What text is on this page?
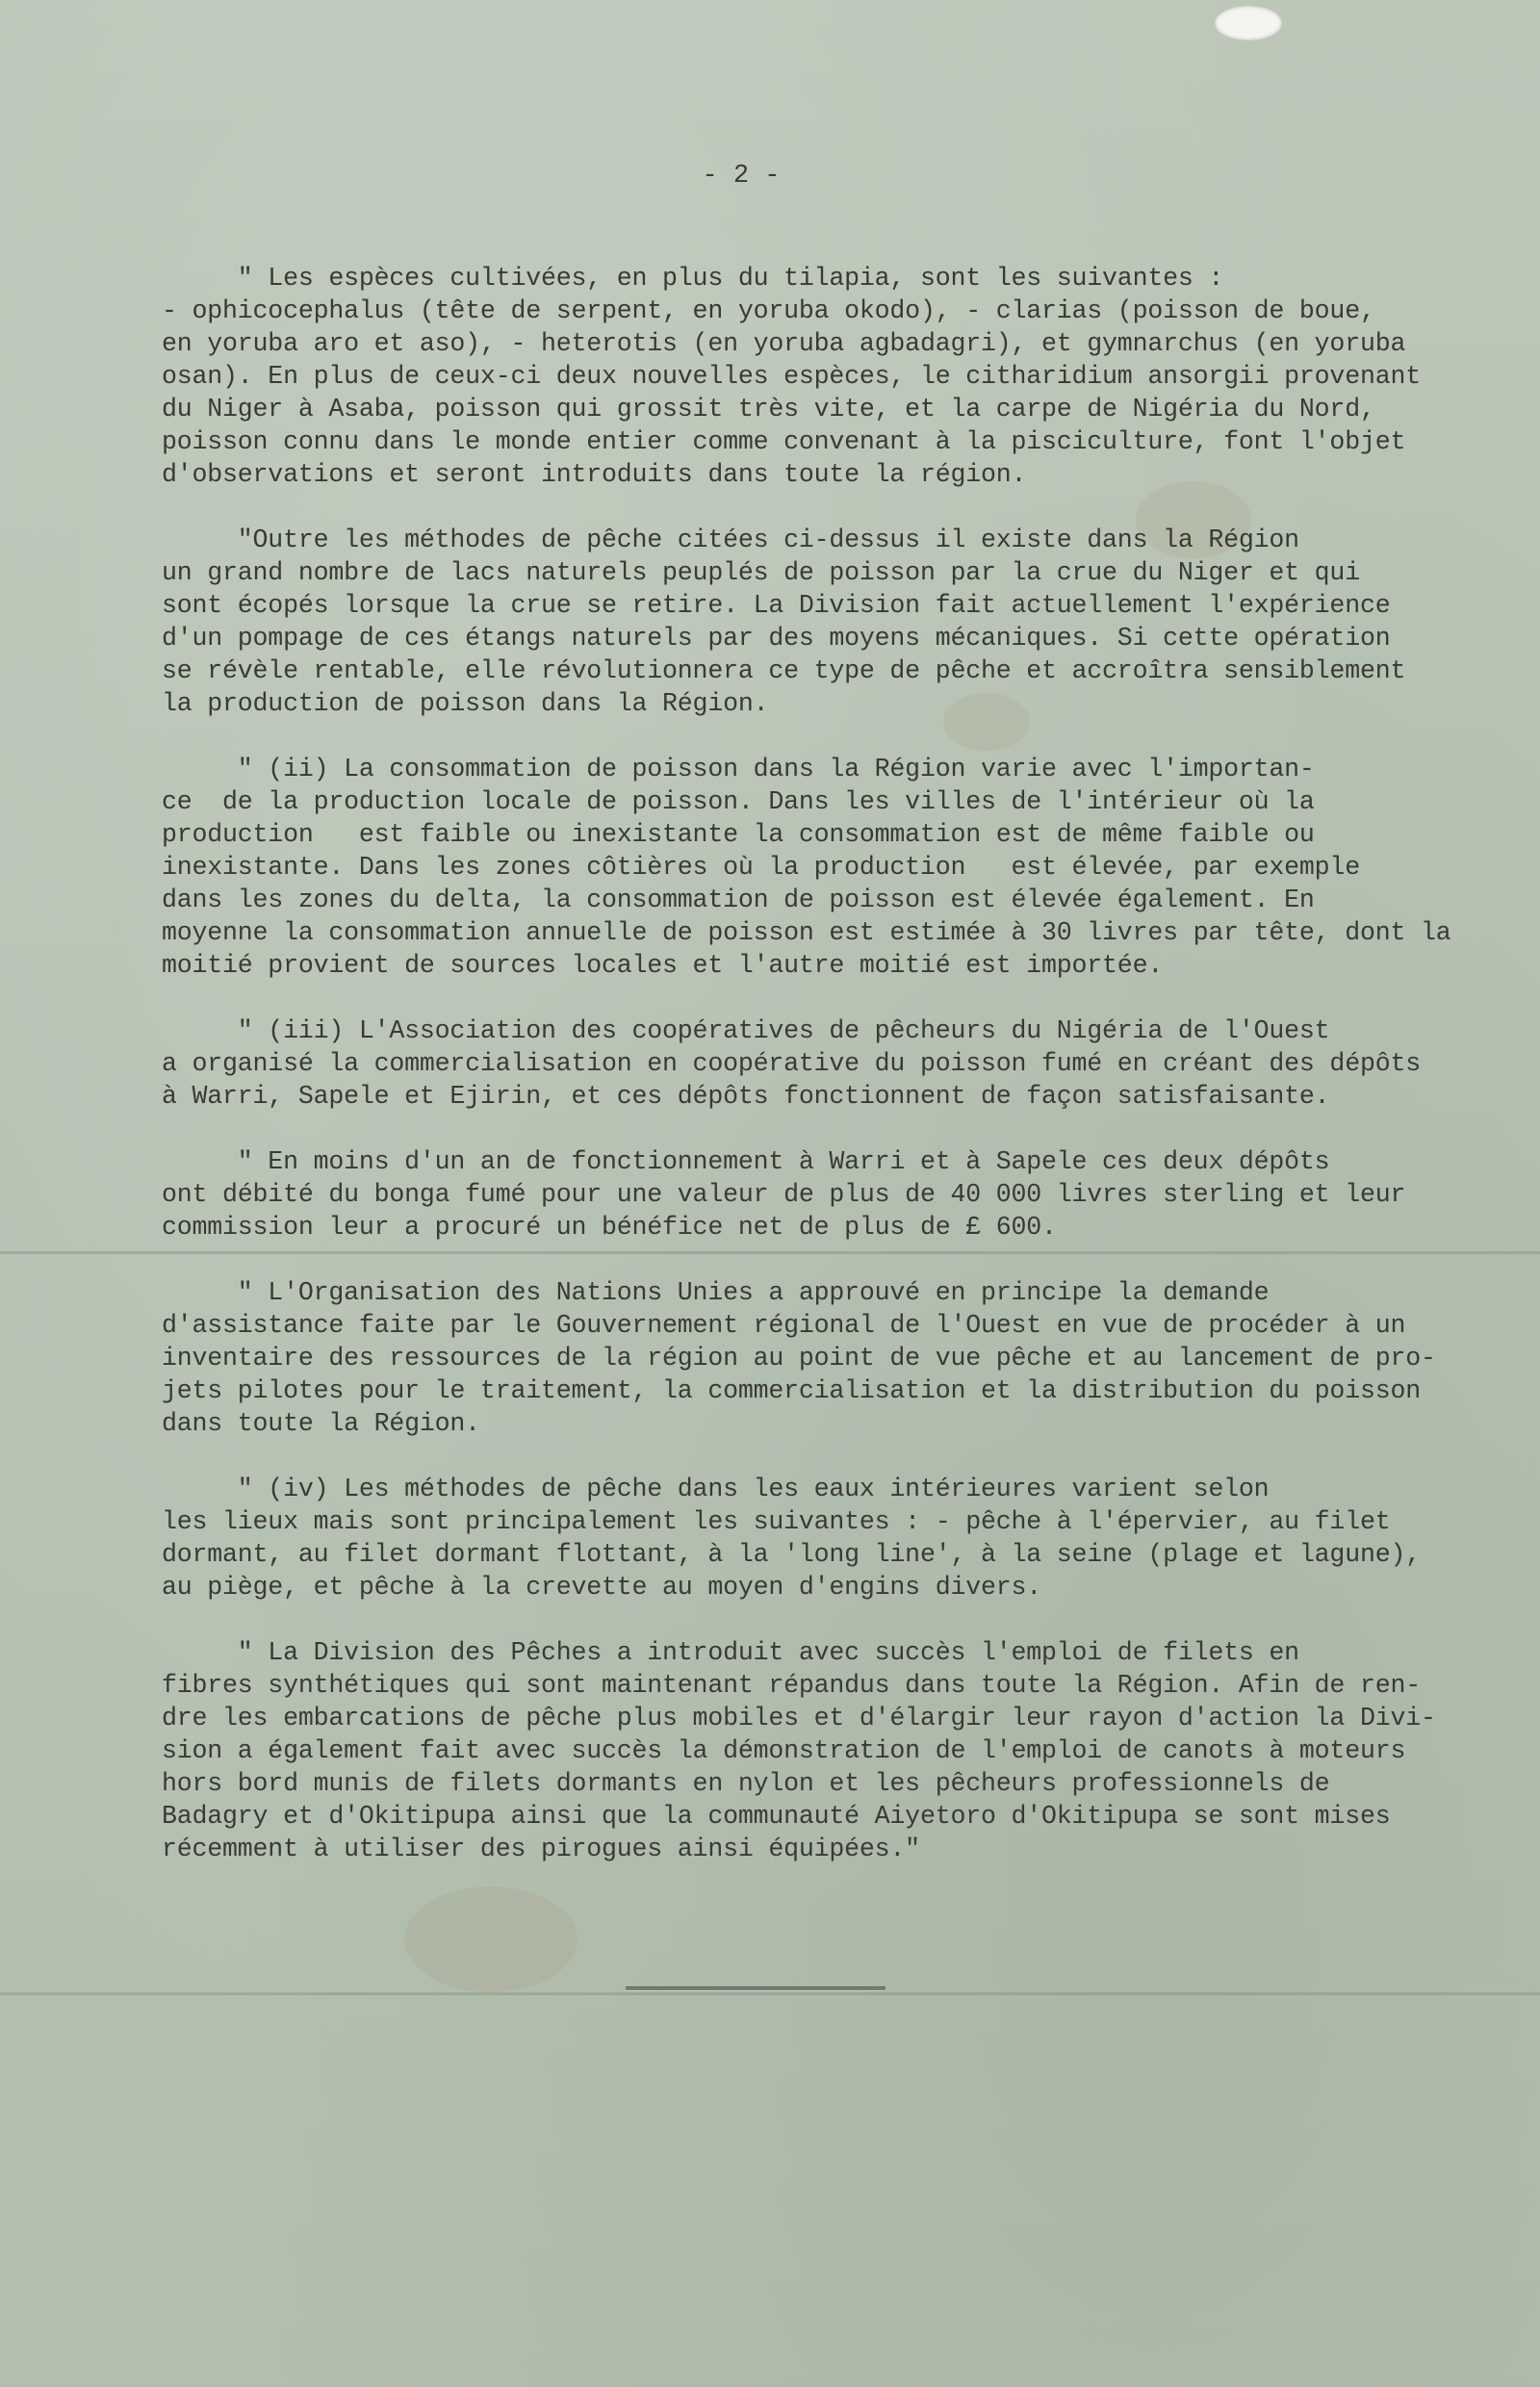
- 2 -
" Les espèces cultivées, en plus du tilapia, sont les suivantes :
- ophicocephalus (tête de serpent, en yoruba okodo), - clarias (poisson de boue,
en yoruba aro et aso), - heterotis (en yoruba agbadagri), et gymnarchus (en yoruba
osan). En plus de ceux-ci deux nouvelles espèces, le citharidium ansorgii provenant
du Niger à Asaba, poisson qui grossit très vite, et la carpe de Nigéria du Nord,
poisson connu dans le monde entier comme convenant à la pisciculture, font l'objet
d'observations et seront introduits dans toute la région.
"Outre les méthodes de pêche citées ci-dessus il existe dans la Région
un grand nombre de lacs naturels peuplés de poisson par la crue du Niger et qui
sont écopés lorsque la crue se retire. La Division fait actuellement l'expérience
d'un pompage de ces étangs naturels par des moyens mécaniques. Si cette opération
se révèle rentable, elle révolutionnera ce type de pêche et accroîtra sensiblement
la production de poisson dans la Région.
" (ii) La consommation de poisson dans la Région varie avec l'importan-
ce  de la production locale de poisson. Dans les villes de l'intérieur où la
production   est faible ou inexistante la consommation est de même faible ou
inexistante. Dans les zones côtières où la production   est élevée, par exemple
dans les zones du delta, la consommation de poisson est élevée également. En
moyenne la consommation annuelle de poisson est estimée à 30 livres par tête, dont la
moitié provient de sources locales et l'autre moitié est importée.
" (iii) L'Association des coopératives de pêcheurs du Nigéria de l'Ouest
a organisé la commercialisation en coopérative du poisson fumé en créant des dépôts
à Warri, Sapele et Ejirin, et ces dépôts fonctionnent de façon satisfaisante.
" En moins d'un an de fonctionnement à Warri et à Sapele ces deux dépôts
ont débité du bonga fumé pour une valeur de plus de 40 000 livres sterling et leur
commission leur a procuré un bénéfice net de plus de £ 600.
" L'Organisation des Nations Unies a approuvé en principe la demande
d'assistance faite par le Gouvernement régional de l'Ouest en vue de procéder à un
inventaire des ressources de la région au point de vue pêche et au lancement de pro-
jets pilotes pour le traitement, la commercialisation et la distribution du poisson
dans toute la Région.
" (iv) Les méthodes de pêche dans les eaux intérieures varient selon
les lieux mais sont principalement les suivantes : - pêche à l'épervier, au filet
dormant, au filet dormant flottant, à la 'long line', à la seine (plage et lagune),
au piège, et pêche à la crevette au moyen d'engins divers.
" La Division des Pêches a introduit avec succès l'emploi de filets en
fibres synthétiques qui sont maintenant répandus dans toute la Région. Afin de ren-
dre les embarcations de pêche plus mobiles et d'élargir leur rayon d'action la Divi-
sion a également fait avec succès la démonstration de l'emploi de canots à moteurs
hors bord munis de filets dormants en nylon et les pêcheurs professionnels de
Badagry et d'Okitipupa ainsi que la communauté Aiyetoro d'Okitipupa se sont mises
récemment à utiliser des pirogues ainsi équipées."
